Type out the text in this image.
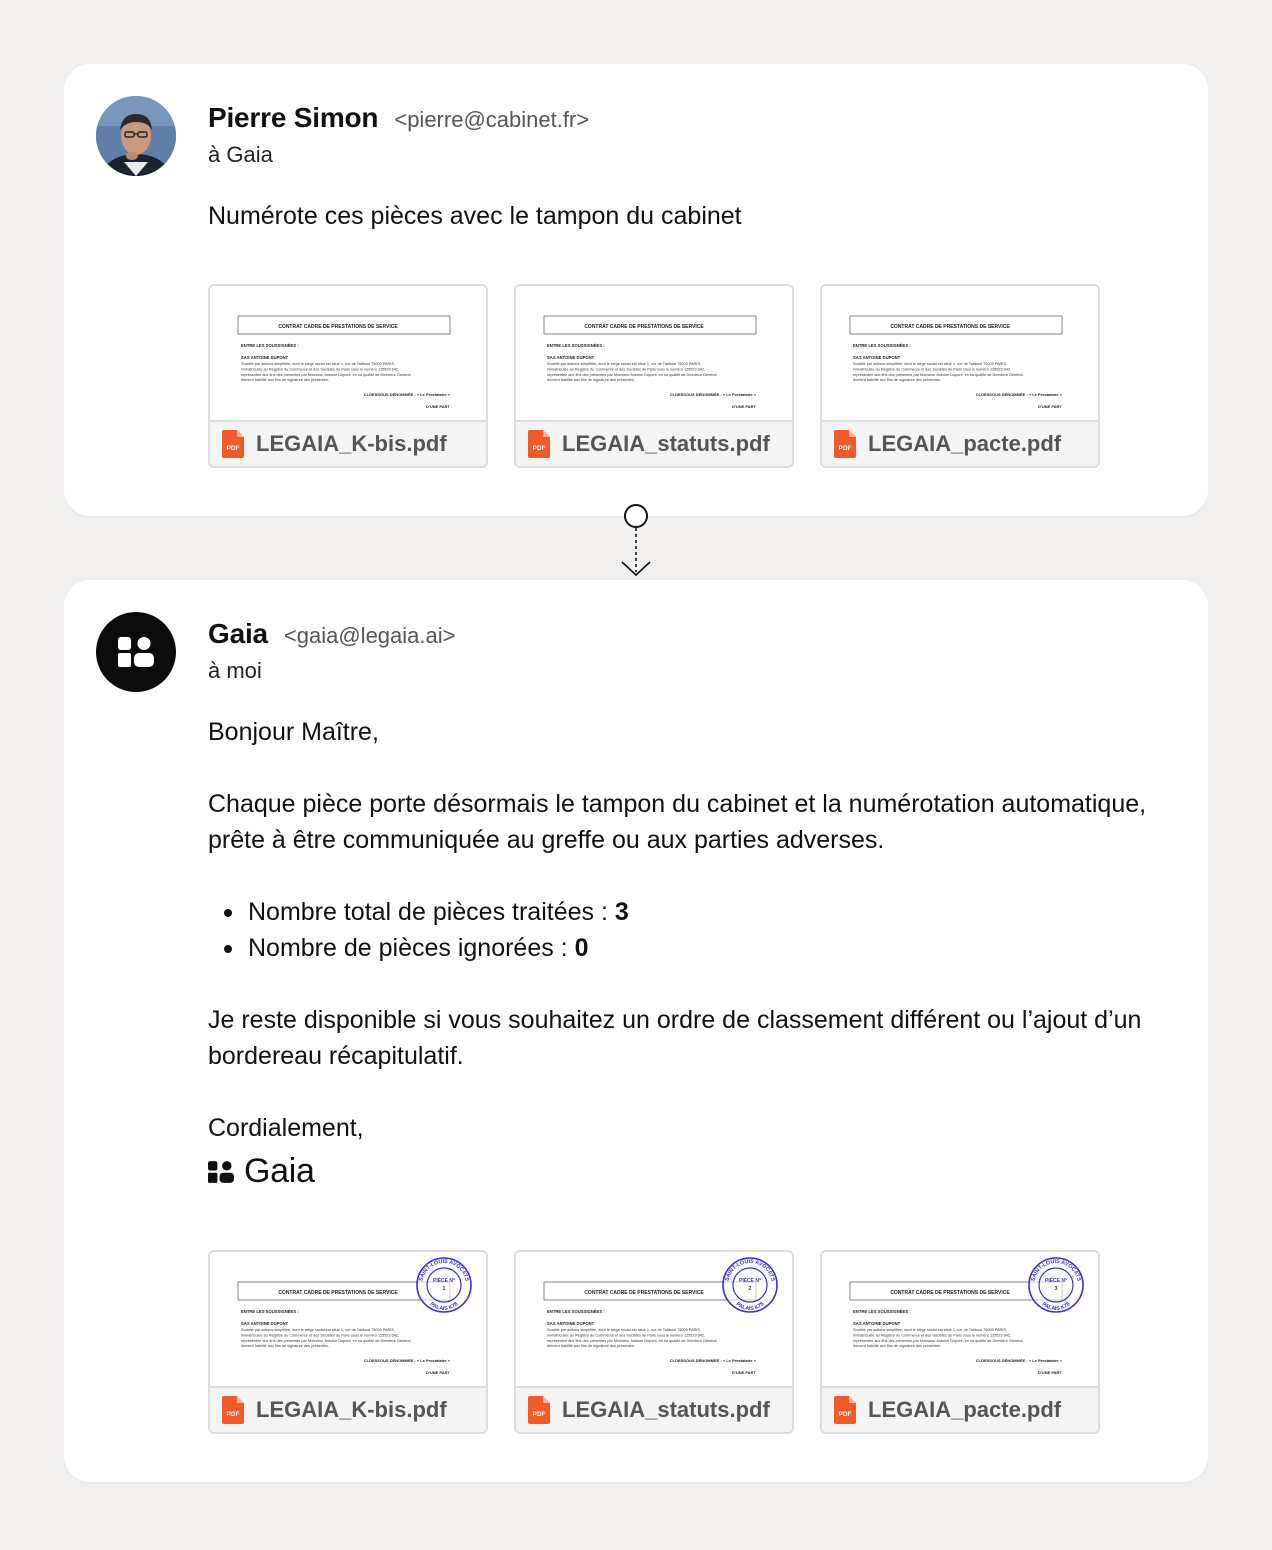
Pierre Simon <pierre@cabinet.fr>
à Gaia
Numérote ces pièces avec le tampon du cabinet
CONTRAT CADRE DE PRESTATIONS DE SERVICE
ENTRE LES SOUSSIGNÉES :
SAS ANTOINE DUPONT
Société par actions simplifiée, dont le siège social est situé 1, rue de Taitbout 75009 PARIS,
immatriculée au Registre du Commerce et des Sociétés de Paris sous le numéro 125523 642,
représentée aux fins des présentes par Monsieur Antoine Dupont, en sa qualité de Directeur Général,
dûment habilité aux fins de signature des présentes,
CI-DESSOUS DÉNOMMÉE : « Le Prestataire »
D'UNE PART
PDF LEGAIA_K-bis.pdf
CONTRAT CADRE DE PRESTATIONS DE SERVICE
ENTRE LES SOUSSIGNÉES :
SAS ANTOINE DUPONT
Société par actions simplifiée, dont le siège social est situé 1, rue de Taitbout 75009 PARIS,
immatriculée au Registre du Commerce et des Sociétés de Paris sous le numéro 125523 642,
représentée aux fins des présentes par Monsieur Antoine Dupont, en sa qualité de Directeur Général,
dûment habilité aux fins de signature des présentes,
CI-DESSOUS DÉNOMMÉE : « Le Prestataire »
D'UNE PART
PDF LEGAIA_statuts.pdf
CONTRAT CADRE DE PRESTATIONS DE SERVICE
ENTRE LES SOUSSIGNÉES :
SAS ANTOINE DUPONT
Société par actions simplifiée, dont le siège social est situé 1, rue de Taitbout 75009 PARIS,
immatriculée au Registre du Commerce et des Sociétés de Paris sous le numéro 125523 642,
représentée aux fins des présentes par Monsieur Antoine Dupont, en sa qualité de Directeur Général,
dûment habilité aux fins de signature des présentes,
CI-DESSOUS DÉNOMMÉE : « Le Prestataire »
D'UNE PART
PDF LEGAIA_pacte.pdf
Gaia <gaia@legaia.ai>
à moi
Bonjour Maître,
Chaque pièce porte désormais le tampon du cabinet et la numérotation automatique, prête à être communiquée au greffe ou aux parties adverses.
Nombre total de pièces traitées : 3
Nombre de pièces ignorées : 0
Je reste disponible si vous souhaitez un ordre de classement différent ou l’ajout d’un bordereau récapitulatif.
Cordialement,
Gaia
CONTRAT CADRE DE PRESTATIONS DE SERVICE
ENTRE LES SOUSSIGNÉES :
SAS ANTOINE DUPONT
Société par actions simplifiée, dont le siège social est situé 1, rue de Taitbout 75009 PARIS,
immatriculée au Registre du Commerce et des Sociétés de Paris sous le numéro 125523 642,
représentée aux fins des présentes par Monsieur Antoine Dupont, en sa qualité de Directeur Général,
dûment habilité aux fins de signature des présentes,
CI-DESSOUS DÉNOMMÉE : « Le Prestataire »
D'UNE PART
SAINT-LOUIS AVOCATS
PALAIS K78
PIÈCE N°
1
PDF LEGAIA_K-bis.pdf
CONTRAT CADRE DE PRESTATIONS DE SERVICE
ENTRE LES SOUSSIGNÉES :
SAS ANTOINE DUPONT
Société par actions simplifiée, dont le siège social est situé 1, rue de Taitbout 75009 PARIS,
immatriculée au Registre du Commerce et des Sociétés de Paris sous le numéro 125523 642,
représentée aux fins des présentes par Monsieur Antoine Dupont, en sa qualité de Directeur Général,
dûment habilité aux fins de signature des présentes,
CI-DESSOUS DÉNOMMÉE : « Le Prestataire »
D'UNE PART
SAINT-LOUIS AVOCATS
PALAIS K78
PIÈCE N°
2
PDF LEGAIA_statuts.pdf
CONTRAT CADRE DE PRESTATIONS DE SERVICE
ENTRE LES SOUSSIGNÉES :
SAS ANTOINE DUPONT
Société par actions simplifiée, dont le siège social est situé 1, rue de Taitbout 75009 PARIS,
immatriculée au Registre du Commerce et des Sociétés de Paris sous le numéro 125523 642,
représentée aux fins des présentes par Monsieur Antoine Dupont, en sa qualité de Directeur Général,
dûment habilité aux fins de signature des présentes,
CI-DESSOUS DÉNOMMÉE : « Le Prestataire »
D'UNE PART
SAINT-LOUIS AVOCATS
PALAIS K78
PIÈCE N°
3
PDF LEGAIA_pacte.pdf
